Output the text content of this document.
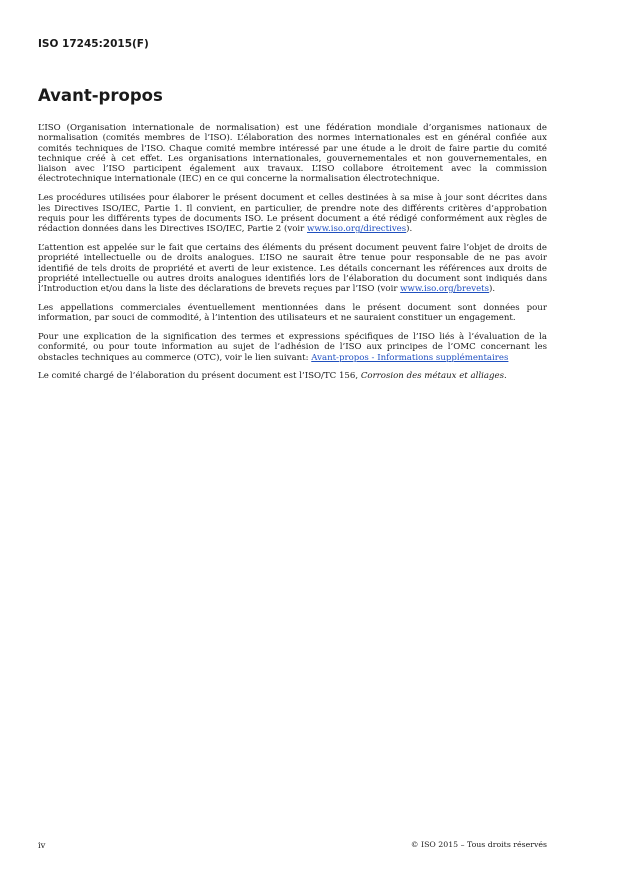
ISO 17245:2015(F)
Avant-propos

L’ISO (Organisation internationale de normalisation) est une fédération mondiale d’organismes nationaux de normalisation (comités membres de l’ISO). L’élaboration des normes internationales est en général confiée aux comités techniques de l’ISO. Chaque comité membre intéressé par une étude a le droit de faire partie du comité technique créé à cet effet. Les organisations internationales, gouvernementales et non gouvernementales, en liaison avec l’ISO participent également aux travaux. L’ISO collabore étroitement avec la commission électrotechnique internationale (IEC) en ce qui concerne la normalisation électrotechnique.

Les procédures utilisées pour élaborer le présent document et celles destinées à sa mise à jour sont décrites dans les Directives ISO/IEC, Partie 1. Il convient, en particulier, de prendre note des différents critères d’approbation requis pour les différents types de documents ISO. Le présent document a été rédigé conformément aux règles de rédaction données dans les Directives ISO/IEC, Partie 2 (voir www.iso.org/directives).

L’attention est appelée sur le fait que certains des éléments du présent document peuvent faire l’objet de droits de propriété intellectuelle ou de droits analogues. L’ISO ne saurait être tenue pour responsable de ne pas avoir identifié de tels droits de propriété et averti de leur existence. Les détails concernant les références aux droits de propriété intellectuelle ou autres droits analogues identifiés lors de l’élaboration du document sont indiqués dans l’Introduction et/ou dans la liste des déclarations de brevets reçues par l’ISO (voir www.iso.org/brevets).

Les appellations commerciales éventuellement mentionnées dans le présent document sont données pour information, par souci de commodité, à l’intention des utilisateurs et ne sauraient constituer un engagement.

Pour une explication de la signification des termes et expressions spécifiques de l’ISO liés à l’évaluation de la conformité, ou pour toute information au sujet de l’adhésion de l’ISO aux principes de l’OMC concernant les obstacles techniques au commerce (OTC), voir le lien suivant: Avant-propos - Informations supplémentaires

Le comité chargé de l’élaboration du présent document est l’ISO/TC 156, Corrosion des métaux et alliages.

iv	© ISO 2015 – Tous droits réservés
